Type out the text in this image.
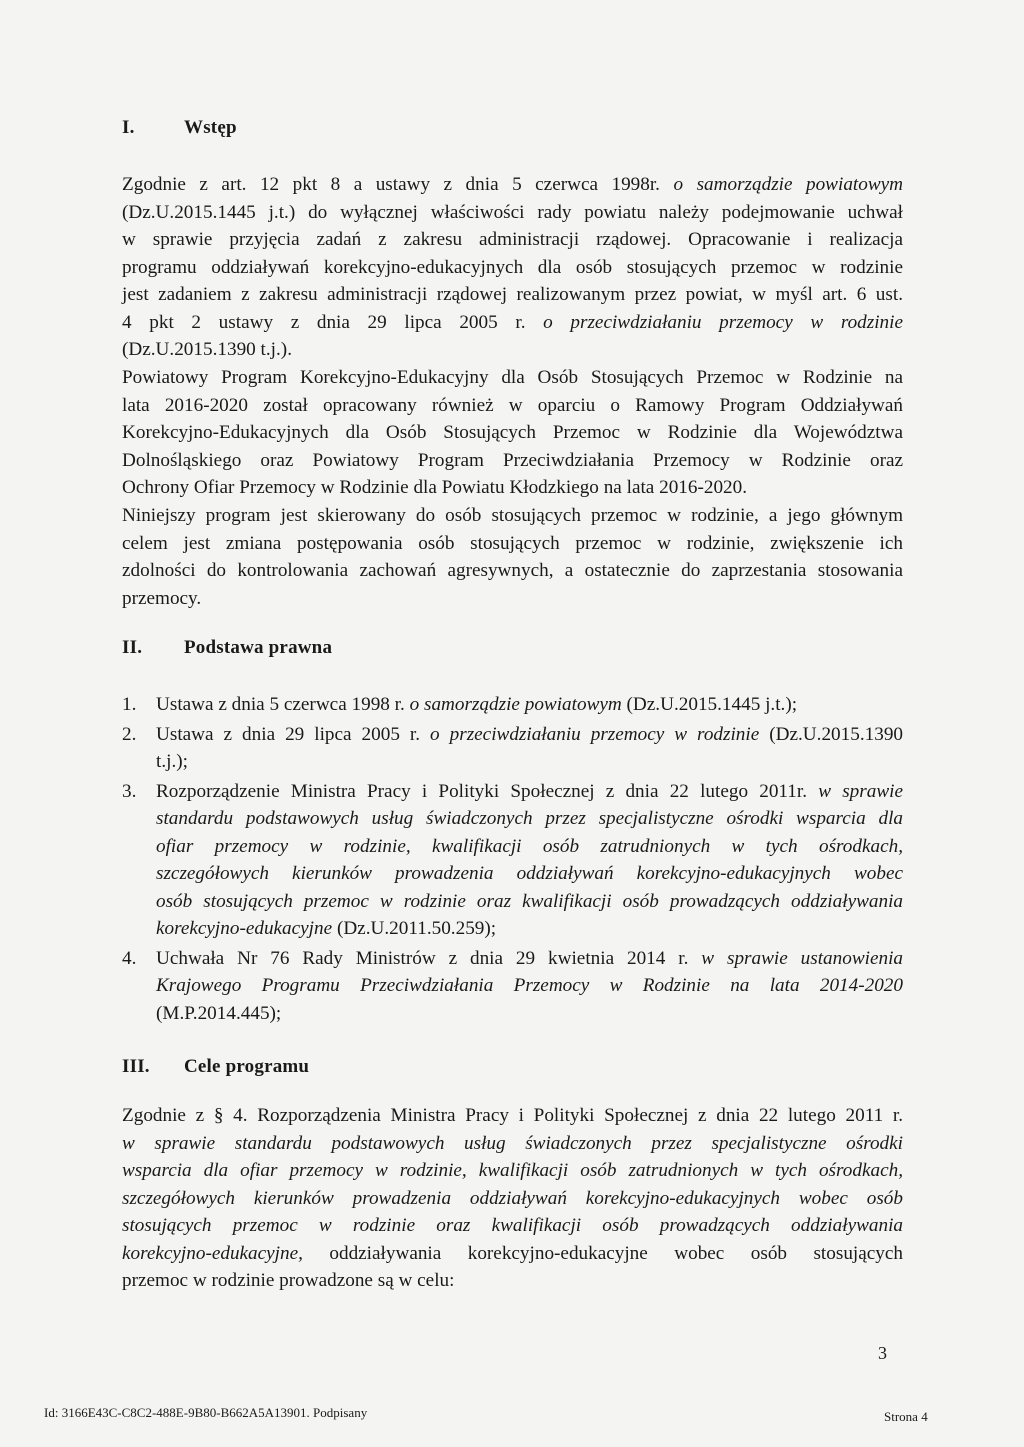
I.	Wstęp
Zgodnie z art. 12 pkt 8 a ustawy z dnia 5 czerwca 1998r. o samorządzie powiatowym
(Dz.U.2015.1445 j.t.) do wyłącznej właściwości rady powiatu należy podejmowanie uchwał
w sprawie przyjęcia zadań z zakresu administracji rządowej. Opracowanie i realizacja
programu oddziaływań korekcyjno-edukacyjnych dla osób stosujących przemoc w rodzinie
jest zadaniem z zakresu administracji rządowej realizowanym przez powiat, w myśl art. 6 ust.
4 pkt 2 ustawy z dnia 29 lipca 2005 r. o przeciwdziałaniu przemocy w rodzinie
(Dz.U.2015.1390 t.j.).
Powiatowy Program Korekcyjno-Edukacyjny dla Osób Stosujących Przemoc w Rodzinie na
lata 2016-2020 został opracowany również w oparciu o Ramowy Program Oddziaływań
Korekcyjno-Edukacyjnych dla Osób Stosujących Przemoc w Rodzinie dla Województwa
Dolnośląskiego oraz Powiatowy Program Przeciwdziałania Przemocy w Rodzinie oraz
Ochrony Ofiar Przemocy w Rodzinie dla Powiatu Kłodzkiego na lata 2016-2020.
Niniejszy program jest skierowany do osób stosujących przemoc w rodzinie, a jego głównym
celem jest zmiana postępowania osób stosujących przemoc w rodzinie, zwiększenie ich
zdolności do kontrolowania zachowań agresywnych, a ostatecznie do zaprzestania stosowania
przemocy.
II. Podstawa prawna
1. Ustawa z dnia 5 czerwca 1998 r. o samorządzie powiatowym (Dz.U.2015.1445 j.t.);
2. Ustawa z dnia 29 lipca 2005 r. o przeciwdziałaniu przemocy w rodzinie (Dz.U.2015.1390
t.j.);
3. Rozporządzenie Ministra Pracy i Polityki Społecznej z dnia 22 lutego 2011r. w sprawie
standardu podstawowych usług świadczonych przez specjalistyczne ośrodki wsparcia dla
ofiar przemocy w rodzinie, kwalifikacji osób zatrudnionych w tych ośrodkach,
szczegółowych kierunków prowadzenia oddziaływań korekcyjno-edukacyjnych wobec
osób stosujących przemoc w rodzinie oraz kwalifikacji osób prowadzących oddziaływania
korekcyjno-edukacyjne (Dz.U.2011.50.259);
4. Uchwała Nr 76 Rady Ministrów z dnia 29 kwietnia 2014 r. w sprawie ustanowienia
Krajowego Programu Przeciwdziałania Przemocy w Rodzinie na lata 2014-2020
(M.P.2014.445);
III. Cele programu
Zgodnie z § 4. Rozporządzenia Ministra Pracy i Polityki Społecznej z dnia 22 lutego 2011 r.
w sprawie standardu podstawowych usług świadczonych przez specjalistyczne ośrodki
wsparcia dla ofiar przemocy w rodzinie, kwalifikacji osób zatrudnionych w tych ośrodkach,
szczegółowych kierunków prowadzenia oddziaływań korekcyjno-edukacyjnych wobec osób
stosujących przemoc w rodzinie oraz kwalifikacji osób prowadzących oddziaływania
korekcyjno-edukacyjne, oddziaływania korekcyjno-edukacyjne wobec osób stosujących
przemoc w rodzinie prowadzone są w celu:
3
Id: 3166E43C-C8C2-488E-9B80-B662A5A13901. Podpisany	Strona 4
